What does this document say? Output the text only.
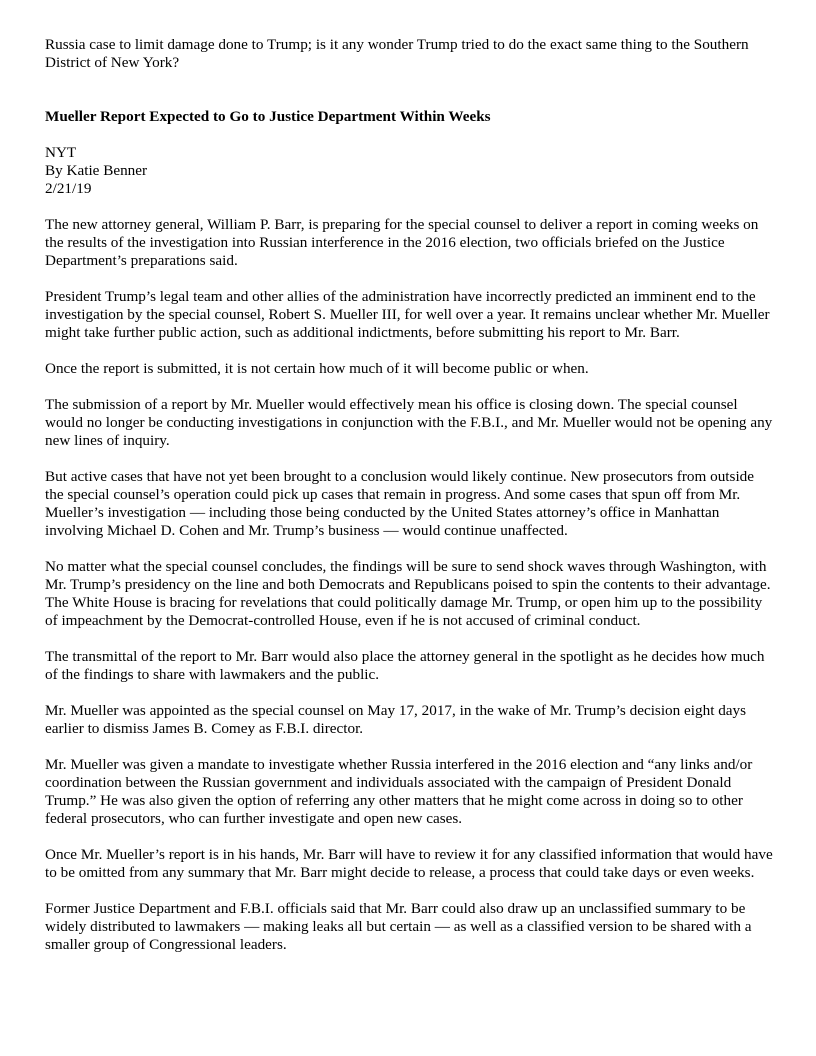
Russia case to limit damage done to Trump; is it any wonder Trump tried to do the exact same thing to the Southern District of New York?

Mueller Report Expected to Go to Justice Department Within Weeks

NYT
By Katie Benner
2/21/19

The new attorney general, William P. Barr, is preparing for the special counsel to deliver a report in coming weeks on the results of the investigation into Russian interference in the 2016 election, two officials briefed on the Justice Department’s preparations said.

President Trump’s legal team and other allies of the administration have incorrectly predicted an imminent end to the investigation by the special counsel, Robert S. Mueller III, for well over a year. It remains unclear whether Mr. Mueller might take further public action, such as additional indictments, before submitting his report to Mr. Barr.

Once the report is submitted, it is not certain how much of it will become public or when.

The submission of a report by Mr. Mueller would effectively mean his office is closing down. The special counsel would no longer be conducting investigations in conjunction with the F.B.I., and Mr. Mueller would not be opening any new lines of inquiry.

But active cases that have not yet been brought to a conclusion would likely continue. New prosecutors from outside the special counsel’s operation could pick up cases that remain in progress. And some cases that spun off from Mr. Mueller’s investigation — including those being conducted by the United States attorney’s office in Manhattan involving Michael D. Cohen and Mr. Trump’s business — would continue unaffected.

No matter what the special counsel concludes, the findings will be sure to send shock waves through Washington, with Mr. Trump’s presidency on the line and both Democrats and Republicans poised to spin the contents to their advantage. The White House is bracing for revelations that could politically damage Mr. Trump, or open him up to the possibility of impeachment by the Democrat-controlled House, even if he is not accused of criminal conduct.

The transmittal of the report to Mr. Barr would also place the attorney general in the spotlight as he decides how much of the findings to share with lawmakers and the public.

Mr. Mueller was appointed as the special counsel on May 17, 2017, in the wake of Mr. Trump’s decision eight days earlier to dismiss James B. Comey as F.B.I. director.

Mr. Mueller was given a mandate to investigate whether Russia interfered in the 2016 election and “any links and/or coordination between the Russian government and individuals associated with the campaign of President Donald Trump.” He was also given the option of referring any other matters that he might come across in doing so to other federal prosecutors, who can further investigate and open new cases.

Once Mr. Mueller’s report is in his hands, Mr. Barr will have to review it for any classified information that would have to be omitted from any summary that Mr. Barr might decide to release, a process that could take days or even weeks.

Former Justice Department and F.B.I. officials said that Mr. Barr could also draw up an unclassified summary to be widely distributed to lawmakers — making leaks all but certain — as well as a classified version to be shared with a smaller group of Congressional leaders.
